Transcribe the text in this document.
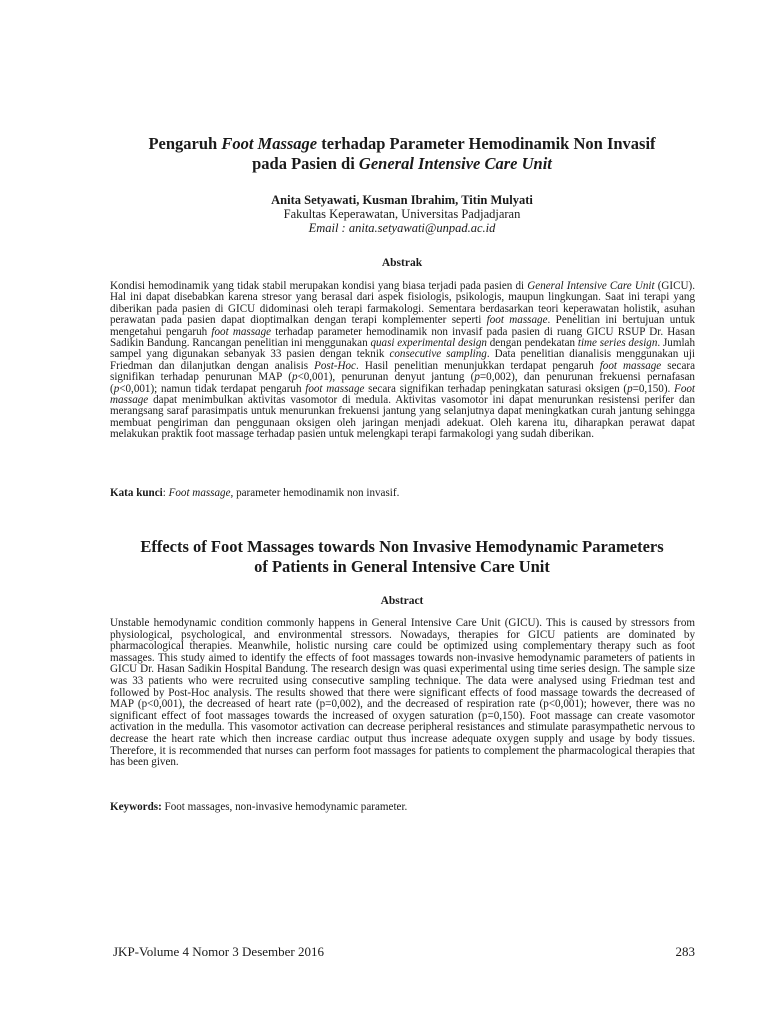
Pengaruh Foot Massage terhadap Parameter Hemodinamik Non Invasif
pada Pasien di General Intensive Care Unit
Anita Setyawati, Kusman Ibrahim, Titin Mulyati
Fakultas Keperawatan, Universitas Padjadjaran
Email : anita.setyawati@unpad.ac.id
Abstrak
Kondisi hemodinamik yang tidak stabil merupakan kondisi yang biasa terjadi pada pasien di General Intensive Care Unit (GICU). Hal ini dapat disebabkan karena stresor yang berasal dari aspek fisiologis, psikologis, maupun lingkungan. Saat ini terapi yang diberikan pada pasien di GICU didominasi oleh terapi farmakologi. Sementara berdasarkan teori keperawatan holistik, asuhan perawatan pada pasien dapat dioptimalkan dengan terapi komplementer seperti foot massage. Penelitian ini bertujuan untuk mengetahui pengaruh foot massage terhadap parameter hemodinamik non invasif pada pasien di ruang GICU RSUP Dr. Hasan Sadikin Bandung. Rancangan penelitian ini menggunakan quasi experimental design dengan pendekatan time series design. Jumlah sampel yang digunakan sebanyak 33 pasien dengan teknik consecutive sampling. Data penelitian dianalisis menggunakan uji Friedman dan dilanjutkan dengan analisis Post-Hoc. Hasil penelitian menunjukkan terdapat pengaruh foot massage secara signifikan terhadap penurunan MAP (p<0,001), penurunan denyut jantung (p=0,002), dan penurunan frekuensi pernafasan (p<0,001); namun tidak terdapat pengaruh foot massage secara signifikan terhadap peningkatan saturasi oksigen (p=0,150). Foot massage dapat menimbulkan aktivitas vasomotor di medula. Aktivitas vasomotor ini dapat menurunkan resistensi perifer dan merangsang saraf parasimpatis untuk menurunkan frekuensi jantung yang selanjutnya dapat meningkatkan curah jantung sehingga membuat pengiriman dan penggunaan oksigen oleh jaringan menjadi adekuat. Oleh karena itu, diharapkan perawat dapat melakukan praktik foot massage terhadap pasien untuk melengkapi terapi farmakologi yang sudah diberikan.
Kata kunci: Foot massage, parameter hemodinamik non invasif.
Effects of Foot Massages towards Non Invasive Hemodynamic Parameters
of Patients in General Intensive Care Unit
Abstract
Unstable hemodynamic condition commonly happens in General Intensive Care Unit (GICU). This is caused by stressors from physiological, psychological, and environmental stressors. Nowadays, therapies for GICU patients are dominated by pharmacological therapies. Meanwhile, holistic nursing care could be optimized using complementary therapy such as foot massages. This study aimed to identify the effects of foot massages towards non-invasive hemodynamic parameters of patients in GICU Dr. Hasan Sadikin Hospital Bandung. The research design was quasi experimental using time series design. The sample size was 33 patients who were recruited using consecutive sampling technique. The data were analysed using Friedman test and followed by Post-Hoc analysis. The results showed that there were significant effects of food massage towards the decreased of MAP (p<0,001), the decreased of heart rate (p=0,002), and the decreased of respiration rate (p<0,001); however, there was no significant effect of foot massages towards the increased of oxygen saturation (p=0,150). Foot massage can create vasomotor activation in the medulla. This vasomotor activation can decrease peripheral resistances and stimulate parasympathetic nervous to decrease the heart rate which then increase cardiac output thus increase adequate oxygen supply and usage by body tissues. Therefore, it is recommended that nurses can perform foot massages for patients to complement the pharmacological therapies that has been given.
Keywords: Foot massages, non-invasive hemodynamic parameter.
JKP-Volume 4 Nomor 3 Desember 2016	283
